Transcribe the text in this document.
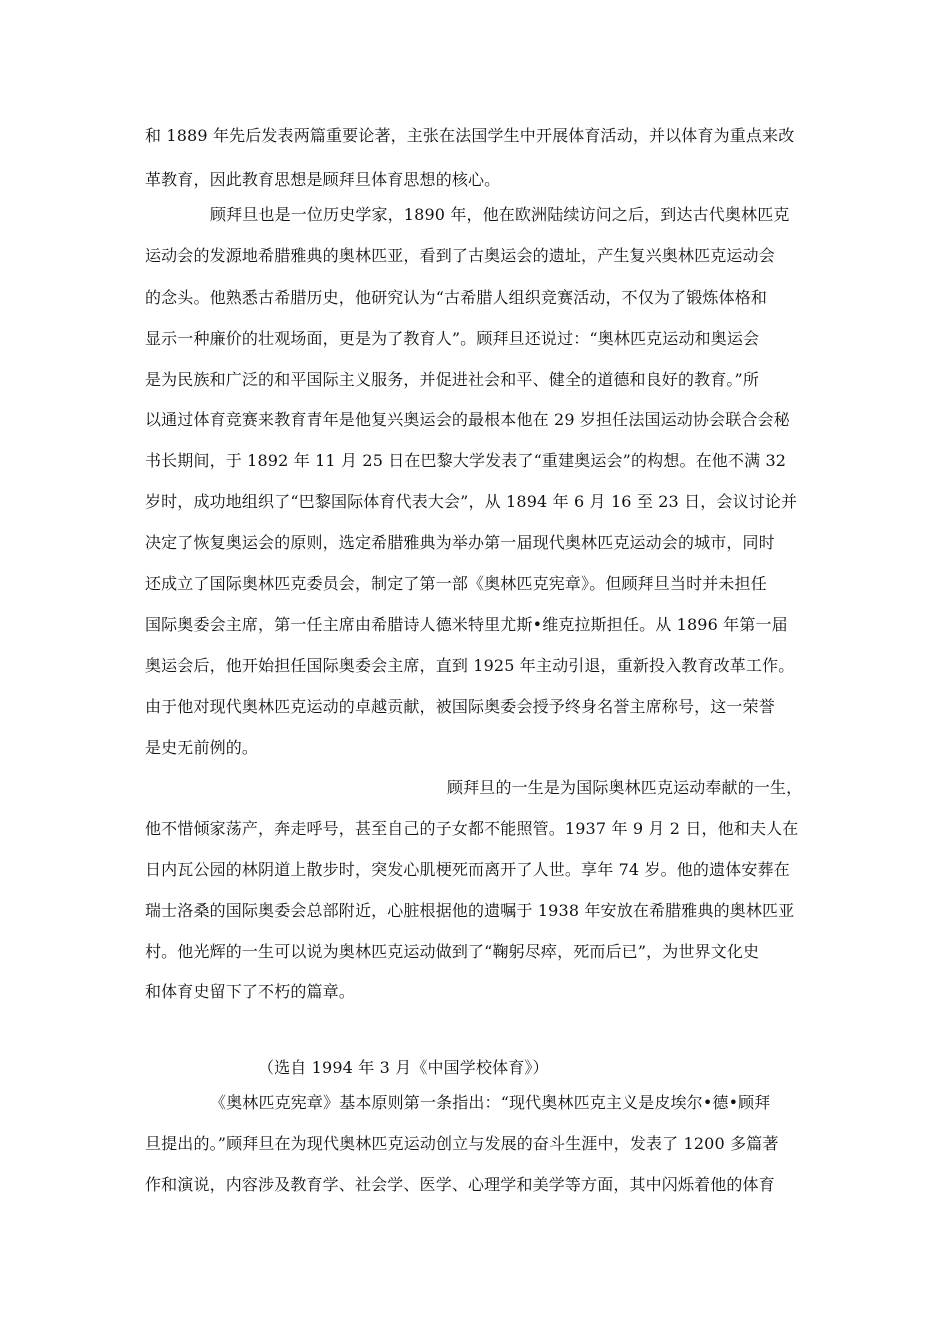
和 1889 年先后发表两篇重要论著，主张在法国学生中开展体育活动，并以体育为重点来改
革教育，因此教育思想是顾拜旦体育思想的核心。
顾拜旦也是一位历史学家，1890 年，他在欧洲陆续访问之后，到达古代奥林匹克
运动会的发源地希腊雅典的奥林匹亚，看到了古奥运会的遗址，产生复兴奥林匹克运动会
的念头。他熟悉古希腊历史，他研究认为“古希腊人组织竞赛活动，不仅为了锻炼体格和
显示一种廉价的壮观场面，更是为了教育人”。顾拜旦还说过：“奥林匹克运动和奥运会
是为民族和广泛的和平国际主义服务，并促进社会和平、健全的道德和良好的教育。”所
以通过体育竞赛来教育青年是他复兴奥运会的最根本他在 29 岁担任法国运动协会联合会秘
书长期间，于 1892 年 11 月 25 日在巴黎大学发表了“重建奥运会”的构想。在他不满 32
岁时，成功地组织了“巴黎国际体育代表大会”，从 1894 年 6 月 16 至 23 日，会议讨论并
决定了恢复奥运会的原则，选定希腊雅典为举办第一届现代奥林匹克运动会的城市，同时
还成立了国际奥林匹克委员会，制定了第一部《奥林匹克宪章》。但顾拜旦当时并未担任
国际奥委会主席，第一任主席由希腊诗人德米特里尤斯•维克拉斯担任。从 1896 年第一届
奥运会后，他开始担任国际奥委会主席，直到 1925 年主动引退，重新投入教育改革工作。
由于他对现代奥林匹克运动的卓越贡献，被国际奥委会授予终身名誉主席称号，这一荣誉
是史无前例的。
顾拜旦的一生是为国际奥林匹克运动奉献的一生，
他不惜倾家荡产，奔走呼号，甚至自己的子女都不能照管。1937 年 9 月 2 日，他和夫人在
日内瓦公园的林阴道上散步时，突发心肌梗死而离开了人世。享年 74 岁。他的遗体安葬在
瑞士洛桑的国际奥委会总部附近，心脏根据他的遗嘱于 1938 年安放在希腊雅典的奥林匹亚
村。他光辉的一生可以说为奥林匹克运动做到了“鞠躬尽瘁，死而后已”，为世界文化史
和体育史留下了不朽的篇章。
（选自 1994 年 3 月《中国学校体育》）
《奥林匹克宪章》基本原则第一条指出：“现代奥林匹克主义是皮埃尔•德•顾拜
旦提出的。”顾拜旦在为现代奥林匹克运动创立与发展的奋斗生涯中，发表了 1200 多篇著
作和演说，内容涉及教育学、社会学、医学、心理学和美学等方面，其中闪烁着他的体育
